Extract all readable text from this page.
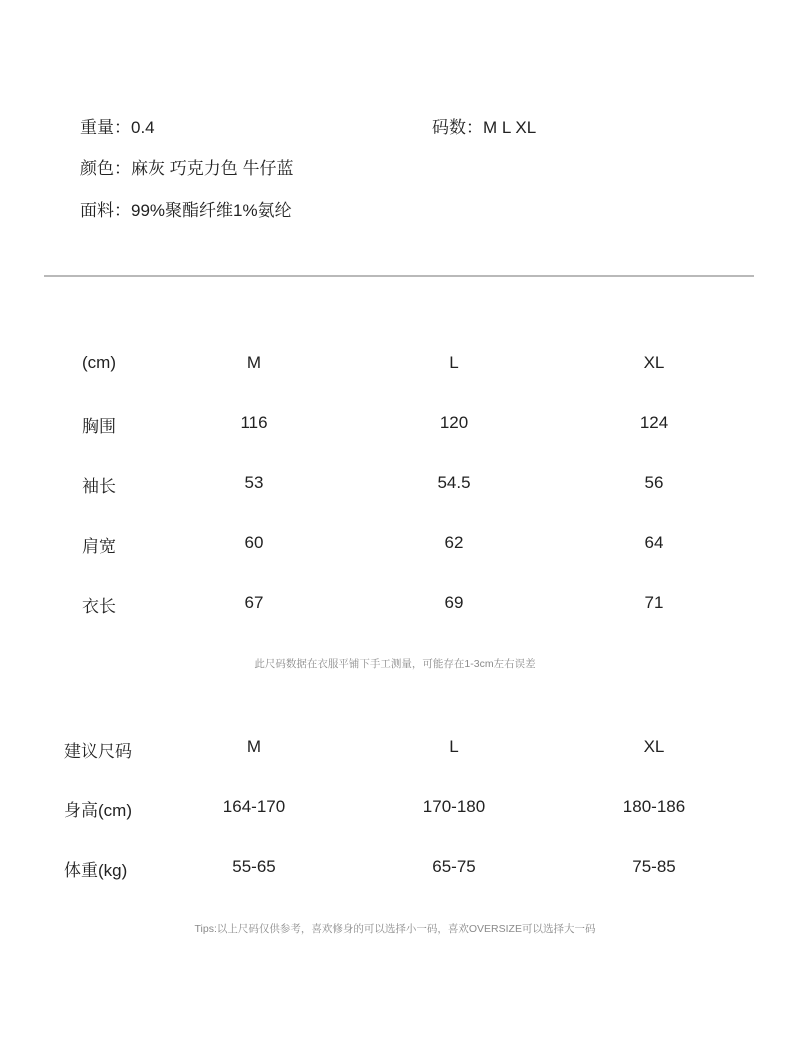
重量：0.4	码数：M L XL
颜色：麻灰 巧克力色 牛仔蓝
面料：99%聚酯纤维1%氨纶
(cm)	M	L	XL
胸围	116	120	124
袖长	53	54.5	56
肩宽	60	62	64
衣长	67	69	71
此尺码数据在衣服平铺下手工测量，可能存在1-3cm左右误差
建议尺码	M	L	XL
身高(cm)	164-170	170-180	180-186
体重(kg)	55-65	65-75	75-85
Tips:以上尺码仅供参考，喜欢修身的可以选择小一码，喜欢OVERSIZE可以选择大一码
